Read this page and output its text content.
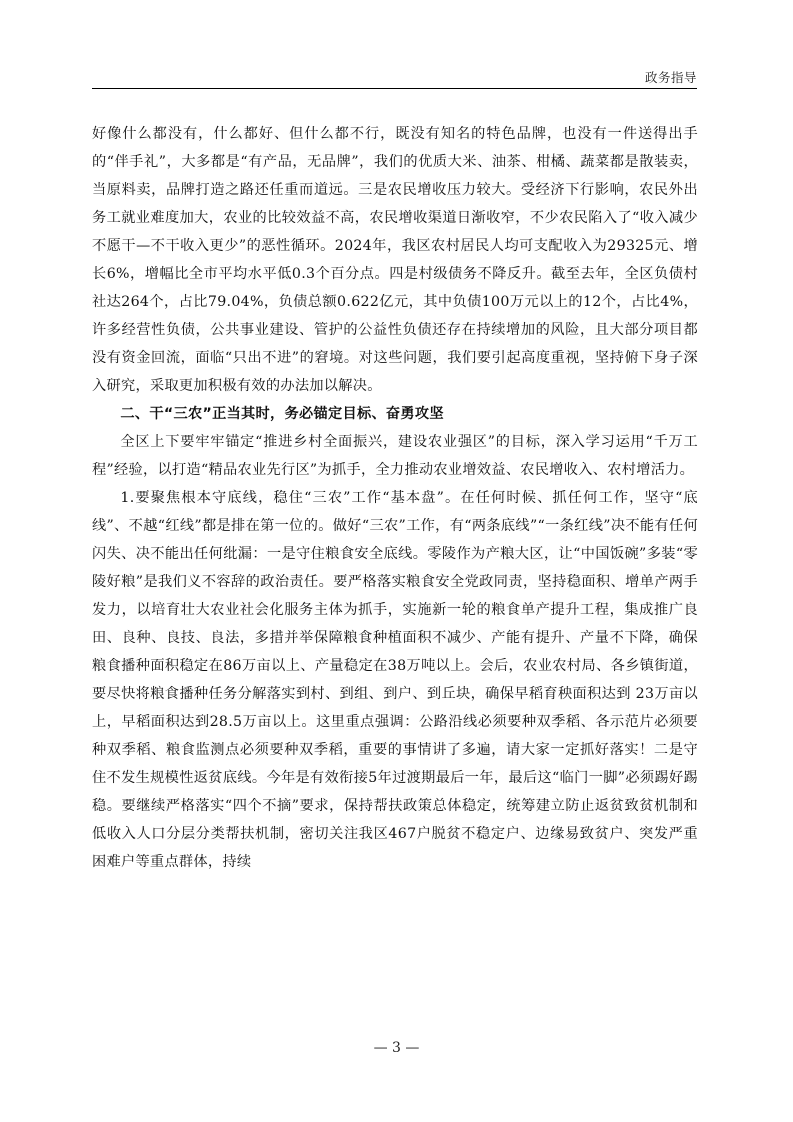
政务指导

好像什么都没有，什么都好、但什么都不行，既没有知名的特色品牌，也没有一件送得出手的“伴手礼”，大多都是“有产品，无品牌”，我们的优质大米、油茶、柑橘、蔬菜都是散装卖，当原料卖，品牌打造之路还任重而道远。三是农民增收压力较大。受经济下行影响，农民外出务工就业难度加大，农业的比较效益不高，农民增收渠道日渐收窄，不少农民陷入了“收入减少不愿干—不干收入更少”的恶性循环。2024年，我区农村居民人均可支配收入为29325元、增长6%，增幅比全市平均水平低0.3个百分点。四是村级债务不降反升。截至去年，全区负债村社达264个，占比79.04%，负债总额0.622亿元，其中负债100万元以上的12个，占比4%，许多经营性负债，公共事业建设、管护的公益性负债还存在持续增加的风险，且大部分项目都没有资金回流，面临“只出不进”的窘境。对这些问题，我们要引起高度重视，坚持俯下身子深入研究，采取更加积极有效的办法加以解决。

二、干“三农”正当其时，务必锚定目标、奋勇攻坚

全区上下要牢牢锚定“推进乡村全面振兴，建设农业强区”的目标，深入学习运用“千万工程”经验，以打造“精品农业先行区”为抓手，全力推动农业增效益、农民增收入、农村增活力。

1.要聚焦根本守底线，稳住“三农”工作“基本盘”。在任何时候、抓任何工作，坚守“底线”、不越“红线”都是排在第一位的。做好“三农”工作，有“两条底线”“一条红线”决不能有任何闪失、决不能出任何纰漏：一是守住粮食安全底线。零陵作为产粮大区，让“中国饭碗”多装“零陵好粮”是我们义不容辞的政治责任。要严格落实粮食安全党政同责，坚持稳面积、增单产两手发力，以培育壮大农业社会化服务主体为抓手，实施新一轮的粮食单产提升工程，集成推广良田、良种、良技、良法，多措并举保障粮食种植面积不减少、产能有提升、产量不下降，确保粮食播种面积稳定在86万亩以上、产量稳定在38万吨以上。会后，农业农村局、各乡镇街道，要尽快将粮食播种任务分解落实到村、到组、到户、到丘块，确保早稻育秧面积达到 23万亩以上，早稻面积达到28.5万亩以上。这里重点强调：公路沿线必须要种双季稻、各示范片必须要种双季稻、粮食监测点必须要种双季稻，重要的事情讲了多遍，请大家一定抓好落实！二是守住不发生规模性返贫底线。今年是有效衔接5年过渡期最后一年，最后这“临门一脚”必须踢好踢稳。要继续严格落实“四个不摘”要求，保持帮扶政策总体稳定，统筹建立防止返贫致贫机制和低收入人口分层分类帮扶机制，密切关注我区467户脱贫不稳定户、边缘易致贫户、突发严重困难户等重点群体，持续

— 3 —
